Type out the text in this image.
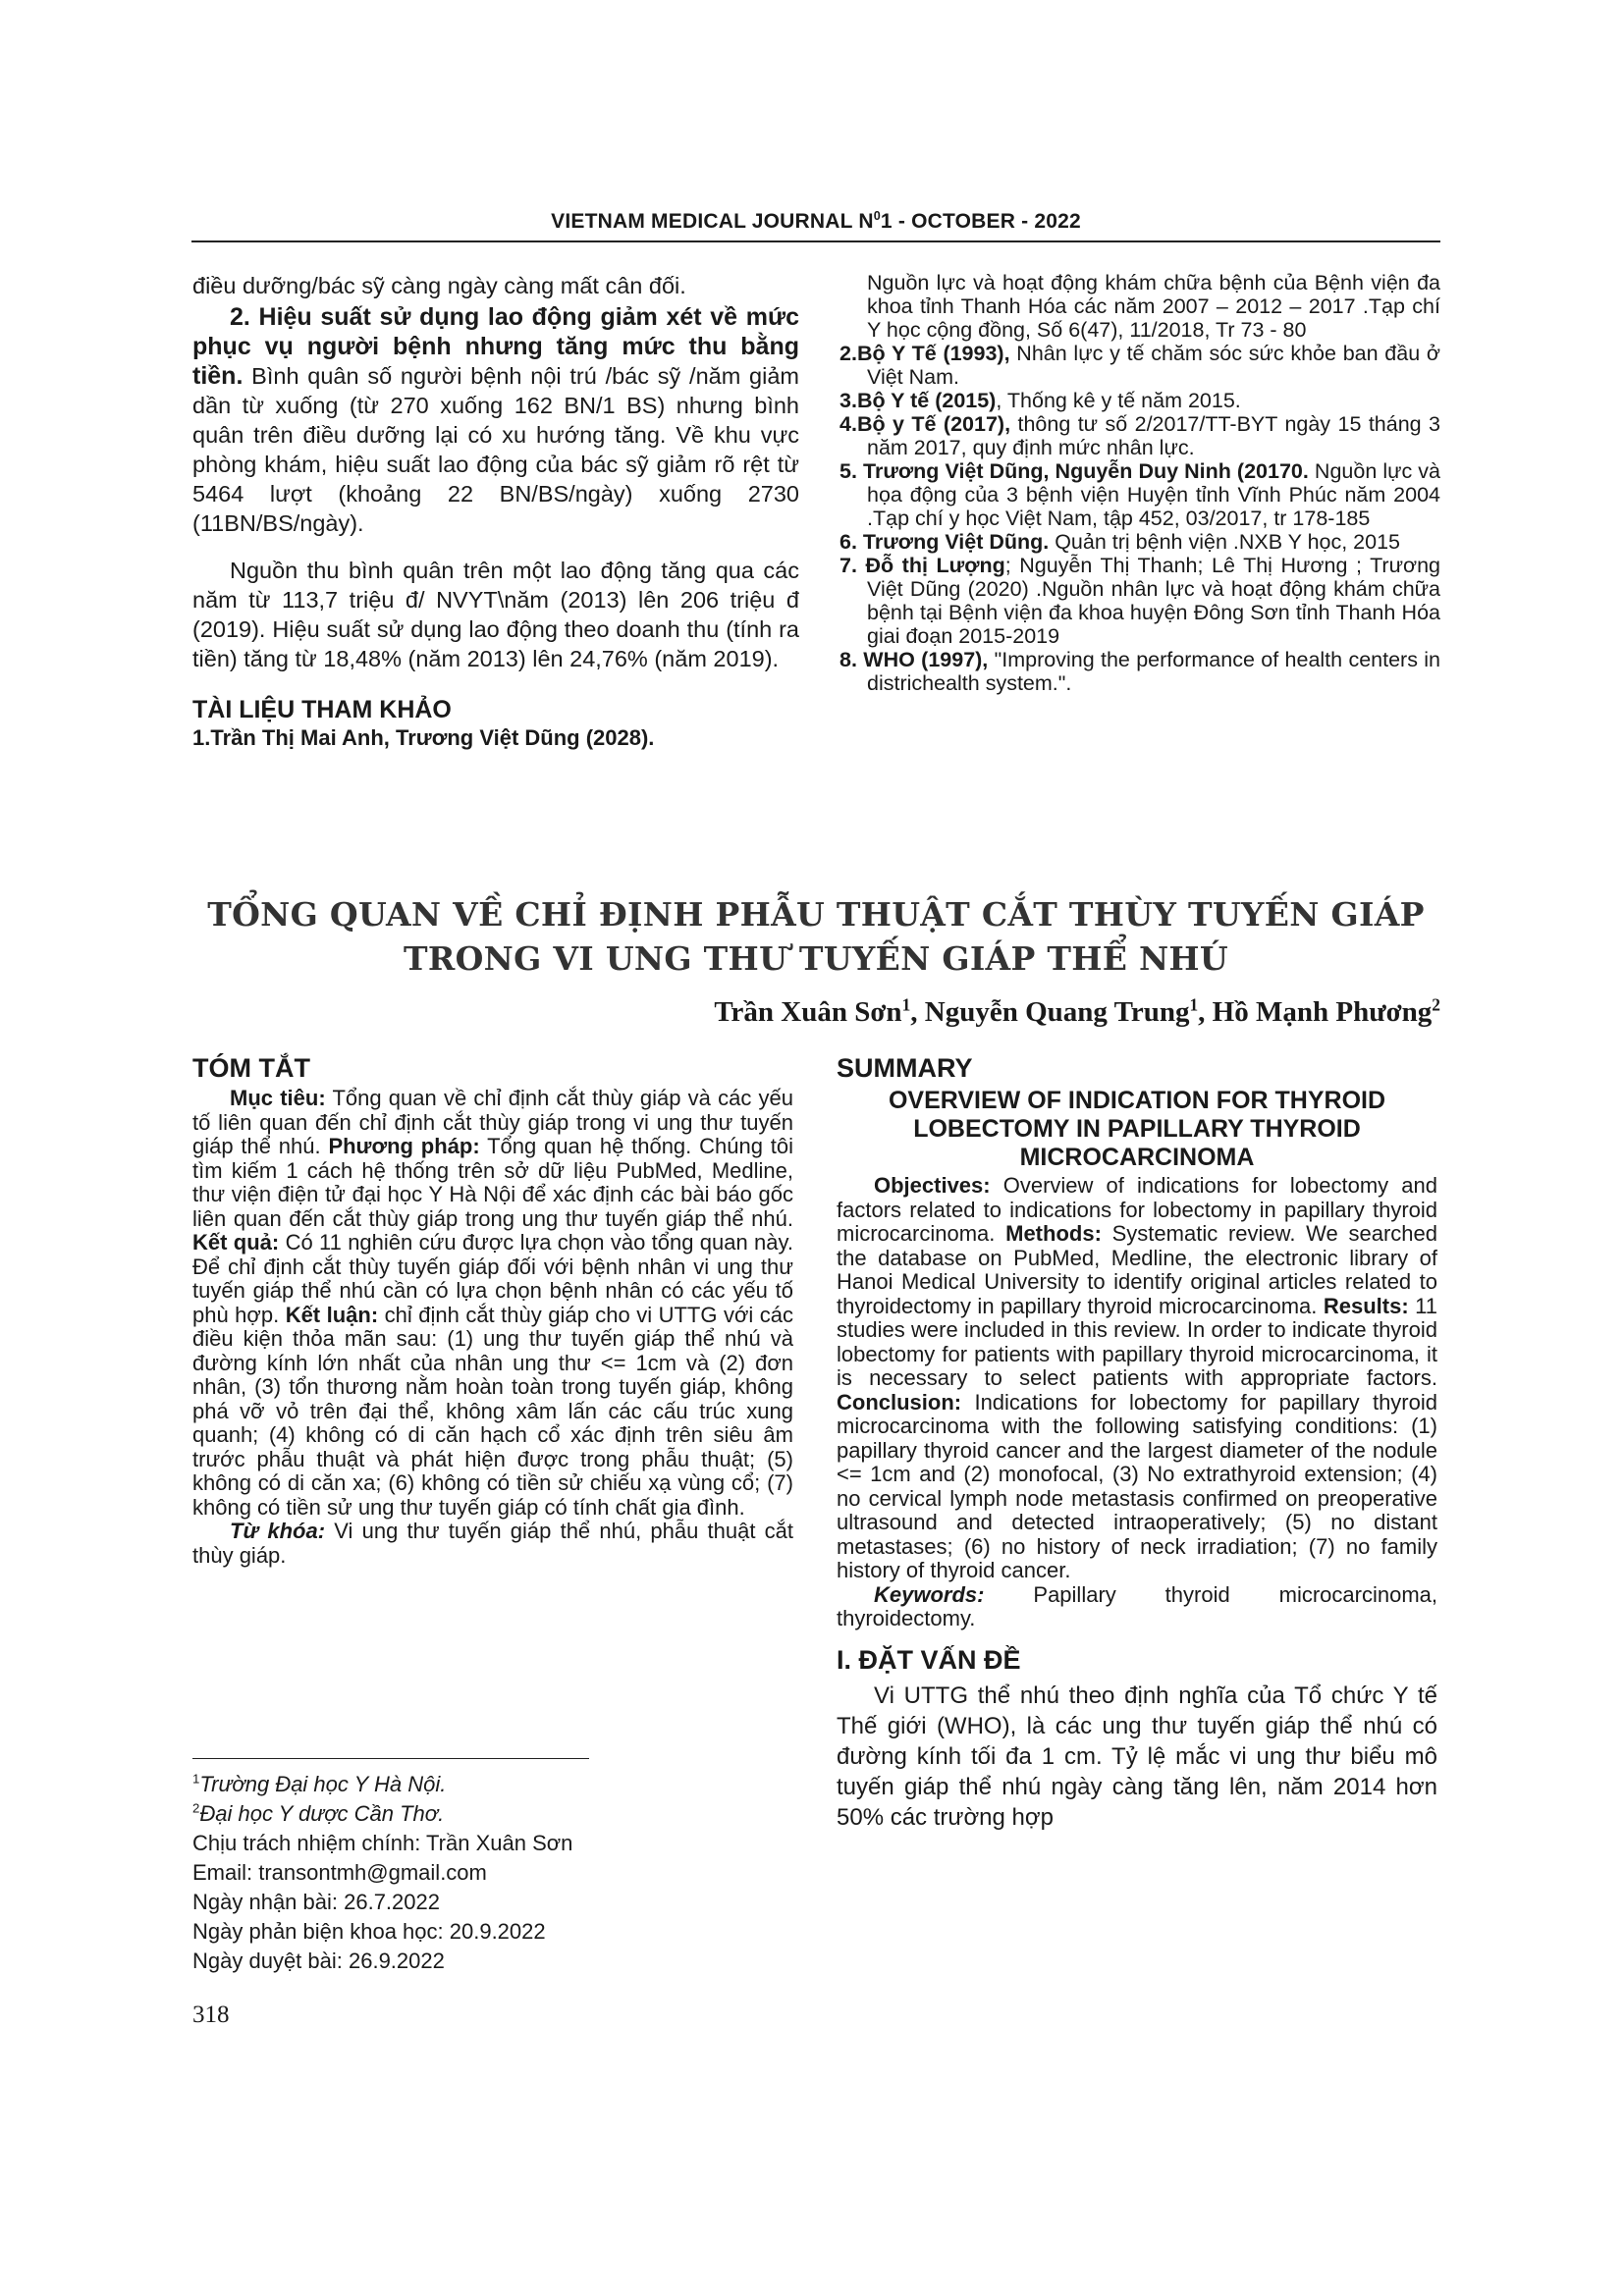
VIETNAM MEDICAL JOURNAL $N^01$ - OCTOBER - 2022

điều dưỡng/bác sỹ càng ngày càng mất cân đối.

2. Hiệu suất sử dụng lao động giảm xét về mức phục vụ người bệnh nhưng tăng mức thu bằng tiền. Bình quân số người bệnh nội trú /bác sỹ /năm giảm dần từ xuống (từ 270 xuống 162 BN/1 BS) nhưng bình quân trên điều dưỡng lại có xu hướng tăng. Về khu vực phòng khám, hiệu suất lao động của bác sỹ giảm rõ rệt từ 5464 lượt (khoảng 22 BN/BS/ngày) xuống 2730 (11BN/BS/ngày).

Nguồn thu bình quân trên một lao động tăng qua các năm từ 113,7 triệu đ/ NVYT\năm (2013) lên 206 triệu đ (2019). Hiệu suất sử dụng lao động theo doanh thu (tính ra tiền) tăng từ 18,48% (năm 2013) lên 24,76% (năm 2019).

TÀI LIỆU THAM KHẢO

1.Trần Thị Mai Anh, Trương Việt Dũng (2028).

Nguồn lực và hoạt động khám chữa bệnh của Bệnh viện đa khoa tỉnh Thanh Hóa các năm 2007 – 2012 – 2017 .Tạp chí Y học cộng đồng, Số 6(47), 11/2018, Tr 73 - 80

2.Bộ Y Tế (1993), Nhân lực y tế chăm sóc sức khỏe ban đầu ở Việt Nam.

3.Bộ Y tế (2015), Thống kê y tế năm 2015.

4.Bộ y Tế (2017), thông tư số 2/2017/TT-BYT ngày 15 tháng 3 năm 2017, quy định mức nhân lực.

5. Trương Việt Dũng, Nguyễn Duy Ninh (20170. Nguồn lực và họa động của 3 bệnh viện Huyện tỉnh Vĩnh Phúc năm 2004 .Tạp chí y học Việt Nam, tập 452, 03/2017, tr 178-185

6. Trương Việt Dũng. Quản trị bệnh viện .NXB Y học, 2015

7. Đỗ thị Lượng; Nguyễn Thị Thanh; Lê Thị Hương ; Trương Việt Dũng (2020) .Nguồn nhân lực và hoạt động khám chữa bệnh tại Bệnh viện đa khoa huyện Đông Sơn tỉnh Thanh Hóa giai đoạn 2015-2019

8. WHO (1997), "Improving the performance of health centers in districhealth system.".

TỔNG QUAN VỀ CHỈ ĐỊNH PHẪU THUẬT CẮT THÙY TUYẾN GIÁP
TRONG VI UNG THƯ TUYẾN GIÁP THỂ NHÚ
Trần Xuân Sơn$^1$, Nguyễn Quang Trung$^1$, Hồ Mạnh Phương$^2$

TÓM TẮT

Mục tiêu: Tổng quan về chỉ định cắt thùy giáp và các yếu tố liên quan đến chỉ định cắt thùy giáp trong vi ung thư tuyến giáp thể nhú. Phương pháp: Tổng quan hệ thống. Chúng tôi tìm kiếm 1 cách hệ thống trên sở dữ liệu PubMed, Medline, thư viện điện tử đại học Y Hà Nội để xác định các bài báo gốc liên quan đến cắt thùy giáp trong ung thư tuyến giáp thể nhú. Kết quả: Có 11 nghiên cứu được lựa chọn vào tổng quan này. Để chỉ định cắt thùy tuyến giáp đối với bệnh nhân vi ung thư tuyến giáp thể nhú cần có lựa chọn bệnh nhân có các yếu tố phù hợp. Kết luận: chỉ định cắt thùy giáp cho vi UTTG với các điều kiện thỏa mãn sau: (1) ung thư tuyến giáp thể nhú và đường kính lớn nhất của nhân ung thư <= 1cm và (2) đơn nhân, (3) tổn thương nằm hoàn toàn trong tuyến giáp, không phá vỡ vỏ trên đại thể, không xâm lấn các cấu trúc xung quanh; (4) không có di căn hạch cổ xác định trên siêu âm trước phẫu thuật và phát hiện được trong phẫu thuật; (5) không có di căn xa; (6) không có tiền sử chiếu xạ vùng cổ; (7) không có tiền sử ung thư tuyến giáp có tính chất gia đình.

Từ khóa: Vi ung thư tuyến giáp thể nhú, phẫu thuật cắt thùy giáp.

$^1$Trường Đại học Y Hà Nội.

$^2$Đại học Y dược Cần Thơ.

Chịu trách nhiệm chính: Trần Xuân Sơn

Email: transontmh@gmail.com

Ngày nhận bài: 26.7.2022

Ngày phản biện khoa học: 20.9.2022

Ngày duyệt bài: 26.9.2022

318

SUMMARY

OVERVIEW OF INDICATION FOR THYROID LOBECTOMY IN PAPILLARY THYROID MICROCARCINOMA

Objectives: Overview of indications for lobectomy and factors related to indications for lobectomy in papillary thyroid microcarcinoma. Methods: Systematic review. We searched the database on PubMed, Medline, the electronic library of Hanoi Medical University to identify original articles related to thyroidectomy in papillary thyroid microcarcinoma. Results: 11 studies were included in this review. In order to indicate thyroid lobectomy for patients with papillary thyroid microcarcinoma, it is necessary to select patients with appropriate factors. Conclusion: Indications for lobectomy for papillary thyroid microcarcinoma with the following satisfying conditions: (1) papillary thyroid cancer and the largest diameter of the nodule <= 1cm and (2) monofocal, (3) No extrathyroid extension; (4) no cervical lymph node metastasis confirmed on preoperative ultrasound and detected intraoperatively; (5) no distant metastases; (6) no history of neck irradiation; (7) no family history of thyroid cancer.

Keywords: Papillary thyroid microcarcinoma, thyroidectomy.

I. ĐẶT VẤN ĐỀ

Vi UTTG thể nhú theo định nghĩa của Tổ chức Y tế Thế giới (WHO), là các ung thư tuyến giáp thể nhú có đường kính tối đa 1 cm. Tỷ lệ mắc vi ung thư biểu mô tuyến giáp thể nhú ngày càng tăng lên, năm 2014 hơn 50% các trường hợp
